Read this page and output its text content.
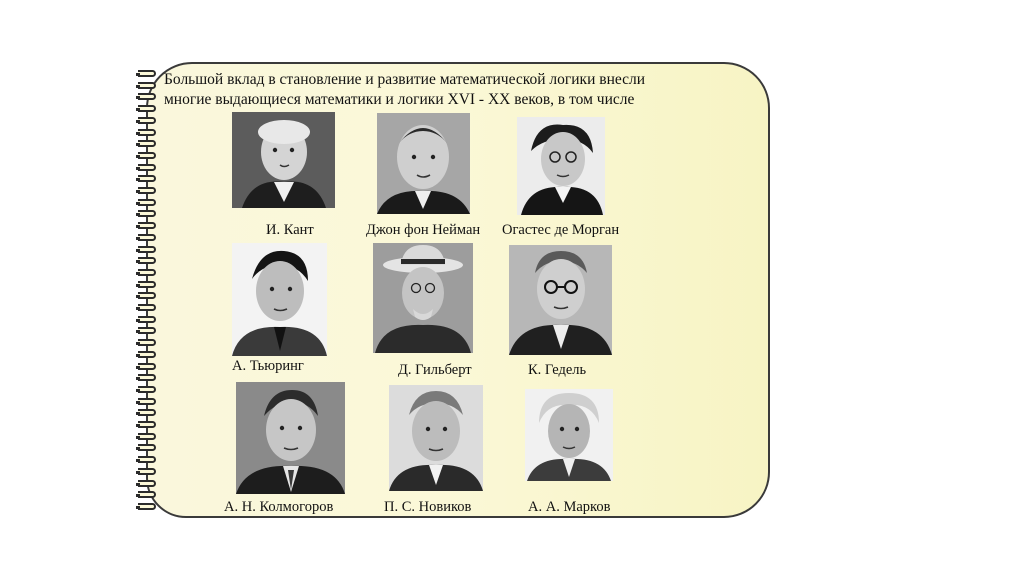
Большой вклад в становление и развитие математической логики внесли
многие выдающиеся математики и логики XVI - XX веков, в том числе
И. Кант	Джон фон Нейман Огастес де Морган
А. Тьюринг	Д. Гильберт	К. Гедель
А. Н. Колмогоров	П. С. Новиков	А. А. Марков
